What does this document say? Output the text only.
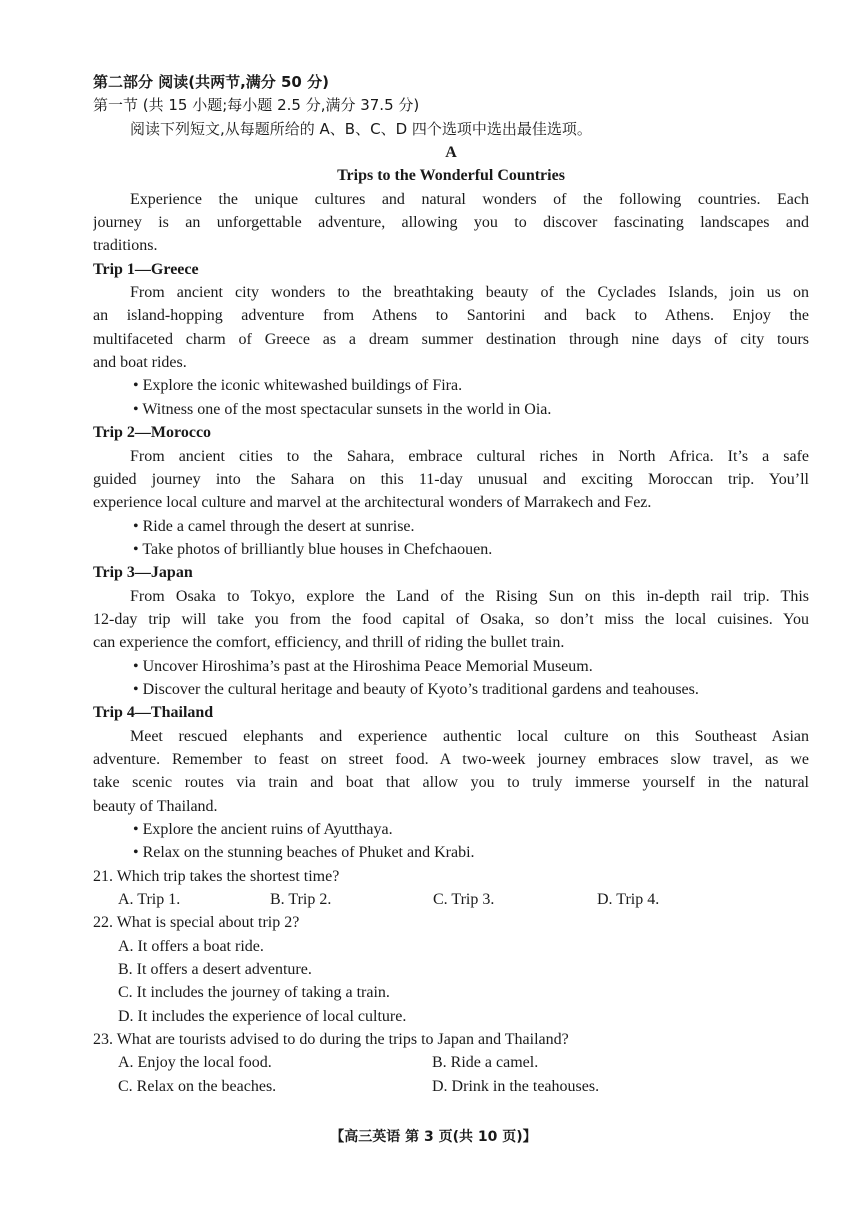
第二部分 阅读(共两节,满分 50 分)
第一节 (共 15 小题;每小题 2.5 分,满分 37.5 分)
阅读下列短文,从每题所给的 A、B、C、D 四个选项中选出最佳选项。
A
Trips to the Wonderful Countries
Experience the unique cultures and natural wonders of the following countries. Each
journey is an unforgettable adventure, allowing you to discover fascinating landscapes and
traditions.
Trip 1—Greece
From ancient city wonders to the breathtaking beauty of the Cyclades Islands, join us on
an island-hopping adventure from Athens to Santorini and back to Athens. Enjoy the
multifaceted charm of Greece as a dream summer destination through nine days of city tours
and boat rides.
• Explore the iconic whitewashed buildings of Fira.
• Witness one of the most spectacular sunsets in the world in Oia.
Trip 2—Morocco
From ancient cities to the Sahara, embrace cultural riches in North Africa. It’s a safe
guided journey into the Sahara on this 11-day unusual and exciting Moroccan trip. You’ll
experience local culture and marvel at the architectural wonders of Marrakech and Fez.
• Ride a camel through the desert at sunrise.
• Take photos of brilliantly blue houses in Chefchaouen.
Trip 3—Japan
From Osaka to Tokyo, explore the Land of the Rising Sun on this in-depth rail trip. This
12-day trip will take you from the food capital of Osaka, so don’t miss the local cuisines. You
can experience the comfort, efficiency, and thrill of riding the bullet train.
• Uncover Hiroshima’s past at the Hiroshima Peace Memorial Museum.
• Discover the cultural heritage and beauty of Kyoto’s traditional gardens and teahouses.
Trip 4—Thailand
Meet rescued elephants and experience authentic local culture on this Southeast Asian
adventure. Remember to feast on street food. A two-week journey embraces slow travel, as we
take scenic routes via train and boat that allow you to truly immerse yourself in the natural
beauty of Thailand.
• Explore the ancient ruins of Ayutthaya.
• Relax on the stunning beaches of Phuket and Krabi.
21. Which trip takes the shortest time?
A. Trip 1.	B. Trip 2.	C. Trip 3.	D. Trip 4.
22. What is special about trip 2?
A. It offers a boat ride.
B. It offers a desert adventure.
C. It includes the journey of taking a train.
D. It includes the experience of local culture.
23. What are tourists advised to do during the trips to Japan and Thailand?
A. Enjoy the local food.	B. Ride a camel.
C. Relax on the beaches.	D. Drink in the teahouses.
【高三英语 第 3 页(共 10 页)】
